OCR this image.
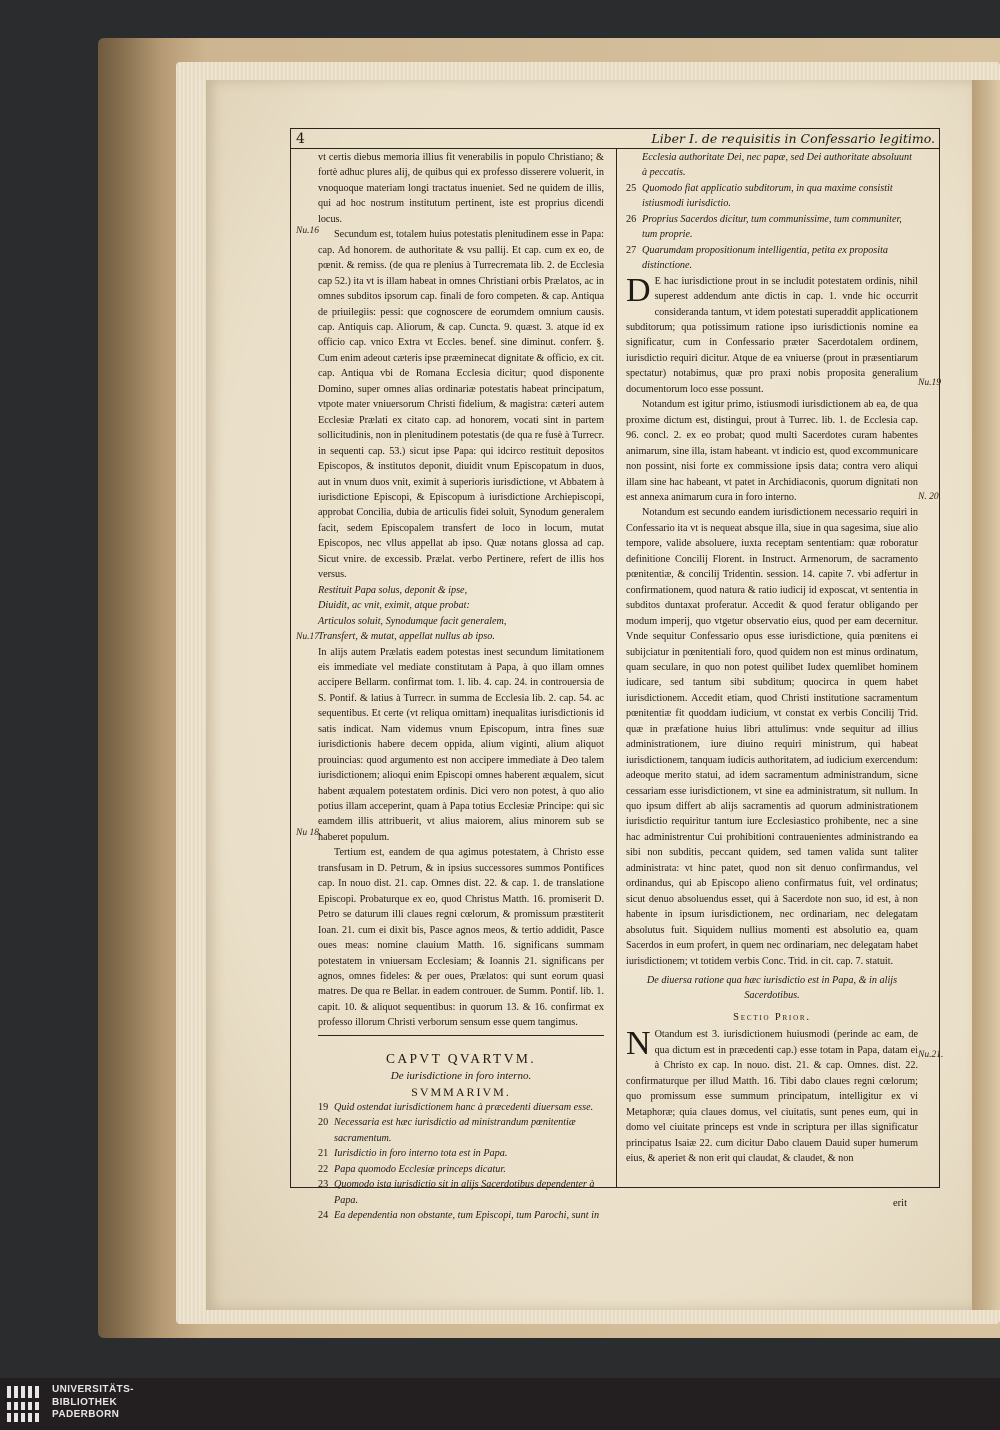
4	Liber I. de requisitis in Confessario legitimo.
Nu.16
Nu.17
Nu 18.
Nu.19
N. 20.
Nu.21.

vt certis diebus memoria illius fit venerabilis in populo Christiano; & fortè adhuc plures alij, de quibus qui ex professo disserere voluerit, in vnoquoque materiam longi tractatus inueniet. Sed ne quidem de illis, qui ad hoc nostrum institutum pertinent, iste est proprius dicendi locus.

Secundum est, totalem huius potestatis plenitudinem esse in Papa: cap. Ad honorem. de authoritate & vsu pallij. Et cap. cum ex eo, de pœnit. & remiss. (de qua re plenius à Turrecremata lib. 2. de Ecclesia cap 52.) ita vt is illam habeat in omnes Christiani orbis Prælatos, ac in omnes subditos ipsorum cap. finali de foro competen. & cap. Antiqua de priuilegiis: pessi: que cognoscere de eorumdem omnium causis. cap. Antiquis cap. Aliorum, & cap. Cuncta. 9. quæst. 3. atque id ex officio cap. vnico Extra vt Eccles. benef. sine diminut. conferr. §. Cum enim adeout cæteris ipse præeminecat dignitate & officio, ex cit. cap. Antiqua vbi de Romana Ecclesia dicitur; quod disponente Domino, super omnes alias ordinariæ potestatis habeat principatum, vtpote mater vniuersorum Christi fidelium, & magistra: cæteri autem Ecclesiæ Prælati ex citato cap. ad honorem, vocati sint in partem sollicitudinis, non in plenitudinem potestatis (de qua re fusè à Turrecr. in sequenti cap. 53.) sicut ipse Papa: qui idcirco restituit depositos Episcopos, & institutos deponit, diuidit vnum Episcopatum in duos, aut in vnum duos vnit, eximit à superioris iurisdictione, vt Abbatem à iurisdictione Episcopi, & Episcopum à iurisdictione Archiepiscopi, approbat Concilia, dubia de articulis fidei soluit, Synodum generalem facit, sedem Episcopalem transfert de loco in locum, mutat Episcopos, nec vllus appellat ab ipso. Quæ notans glossa ad cap. Sicut vnire. de excessib. Prælat. verbo Pertinere, refert de illis hos versus.

Restituit Papa solus, deponit & ipse,

Diuidit, ac vnit, eximit, atque probat:

Articulos soluit, Synodumque facit generalem,

Transfert, & mutat, appellat nullus ab ipso.

In alijs autem Prælatis eadem potestas inest secundum limitationem eis immediate vel mediate constitutam à Papa, à quo illam omnes accipere Bellarm. confirmat tom. 1. lib. 4. cap. 24. in controuersia de S. Pontif. & latius à Turrecr. in summa de Ecclesia lib. 2. cap. 54. ac sequentibus. Et certe (vt reliqua omittam) inequalitas iurisdictionis id satis indicat. Nam videmus vnum Episcopum, intra fines suæ iurisdictionis habere decem oppida, alium viginti, alium aliquot prouincias: quod argumento est non accipere immediate à Deo talem iurisdictionem; alioqui enim Episcopi omnes haberent æqualem, sicut habent æqualem potestatem ordinis. Dici vero non potest, à quo alio potius illam acceperint, quam à Papa totius Ecclesiæ Principe: qui sic eamdem illis attribuerit, vt alius maiorem, alius minorem sub se haberet populum.

Tertium est, eandem de qua agimus potestatem, à Christo esse transfusam in D. Petrum, & in ipsius successores summos Pontifices cap. In nouo dist. 21. cap. Omnes dist. 22. & cap. 1. de translatione Episcopi. Probaturque ex eo, quod Christus Matth. 16. promiserit D. Petro se daturum illi claues regni cœlorum, & promissum præstiterit Ioan. 21. cum ei dixit bis, Pasce agnos meos, & tertio addidit, Pasce oues meas: nomine clauium Matth. 16. significans summam potestatem in vniuersam Ecclesiam; & Ioannis 21. significans per agnos, omnes fideles: & per oues, Prælatos: qui sunt eorum quasi matres. De qua re Bellar. in eadem controuer. de Summ. Pontif. lib. 1. capit. 10. & aliquot sequentibus: in quorum 13. & 16. confirmat ex professo illorum Christi verborum sensum esse quem tangimus.

CAPVT QVARTVM.
De iurisdictione in foro interno.
SVMMARIVM.
19 Quid ostendat iurisdictionem hanc à præcedenti diuersam esse.
20 Necessaria est hæc iurisdictio ad ministrandum pœnitentiæ sacramentum.
21 Iurisdictio in foro interno tota est in Papa.
22 Papa quomodo Ecclesiæ princeps dicatur.
23 Quomodo ista iurisdictio sit in alijs Sacerdotibus dependenter à Papa.
24 Ea dependentia non obstante, tum Episcopi, tum Parochi, sunt in

Ecclesia authoritate Dei, nec papæ, sed Dei authoritate absoluunt à peccatis.

25 Quomodo fiat applicatio subditorum, in qua maxime consistit istiusmodi iurisdictio.
26 Proprius Sacerdos dicitur, tum communissime, tum communiter, tum proprie.
27 Quarumdam propositionum intelligentia, petita ex proposita distinctione.

D E hac iurisdictione prout in se includit potestatem ordinis, nihil superest addendum ante dictis in cap. 1. vnde hic occurrit consideranda tantum, vt idem potestati superaddit applicationem subditorum; qua potissimum ratione ipso iurisdictionis nomine ea significatur, cum in Confessario præter Sacerdotalem ordinem, iurisdictio requiri dicitur. Atque de ea vniuerse (prout in præsentiarum spectatur) notabimus, quæ pro praxi nobis proposita generalium documentorum loco esse possunt.

Notandum est igitur primo, istiusmodi iurisdictionem ab ea, de qua proxime dictum est, distingui, prout à Turrec. lib. 1. de Ecclesia cap. 96. concl. 2. ex eo probat; quod multi Sacerdotes curam habentes animarum, sine illa, istam habeant. vt indicio est, quod excommunicare non possint, nisi forte ex commissione ipsis data; contra vero aliqui illam sine hac habeant, vt patet in Archidiaconis, quorum dignitati non est annexa animarum cura in foro interno.

Notandum est secundo eandem iurisdictionem necessario requiri in Confessario ita vt is nequeat absque illa, siue in qua sagesima, siue alio tempore, valide absoluere, iuxta receptam sententiam: quæ roboratur definitione Concilij Florent. in Instruct. Armenorum, de sacramento pœnitentiæ, & concilij Tridentin. session. 14. capite 7. vbi adfertur in confirmationem, quod natura & ratio iudicij id exposcat, vt sententia in subditos duntaxat proferatur. Accedit & quod feratur obligando per modum imperij, quo vtgetur observatio eius, quod per eam decernitur. Vnde sequitur Confessario opus esse iurisdictione, quia pœnitens ei subijciatur in pœnitentiali foro, quod quidem non est minus ordinatum, quam seculare, in quo non potest quilibet Iudex quemlibet hominem iudicare, sed tantum sibi subditum; quocirca in quem habet iurisdictionem. Accedit etiam, quod Christi institutione sacramentum pœnitentiæ fit quoddam iudicium, vt constat ex verbis Concilij Trid. quæ in præfatione huius libri attulimus: vnde sequitur ad illius administrationem, iure diuino requiri ministrum, qui habeat iurisdictionem, tanquam iudicis authoritatem, ad iudicium exercendum: adeoque merito statui, ad idem sacramentum administrandum, sicne cessariam esse iurisdictionem, vt sine ea administratum, sit nullum. In quo ipsum differt ab alijs sacramentis ad quorum administrationem iurisdictio requiritur tantum iure Ecclesiastico prohibente, nec a sine hac administrentur Cui prohibitioni contrauenientes administrando ea sibi non subditis, peccant quidem, sed tamen valida sunt taliter administrata: vt hinc patet, quod non sit denuo confirmandus, vel ordinandus, qui ab Episcopo alieno confirmatus fuit, vel ordinatus; sicut denuo absoluendus esset, qui à Sacerdote non suo, id est, à non habente in ipsum iurisdictionem, nec ordinariam, nec delegatam absolutus fuit. Siquidem nullius momenti est absolutio ea, quam Sacerdos in eum profert, in quem nec ordinariam, nec delegatam habet iurisdictionem; vt totidem verbis Conc. Trid. in cit. cap. 7. statuit.

De diuersa ratione qua hæc iurisdictio est in Papa, & in alijs Sacerdotibus.

Sectio Prior.

N Otandum est 3. iurisdictionem huiusmodi (perinde ac eam, de qua dictum est in præcedenti cap.) esse totam in Papa, datam ei à Christo ex cap. In nouo. dist. 21. & cap. Omnes. dist. 22. confirmaturque per illud Matth. 16. Tibi dabo claues regni cœlorum; quo promissum esse summum principatum, intelligitur ex vi Metaphoræ; quia claues domus, vel ciuitatis, sunt penes eum, qui in domo vel ciuitate princeps est vnde in scriptura per illas significatur principatus Isaiæ 22. cum dicitur Dabo clauem Dauid super humerum eius, & aperiet & non erit qui claudat, & claudet, & non

erit
UNIVERSITÄTS-
BIBLIOTHEK
PADERBORN
